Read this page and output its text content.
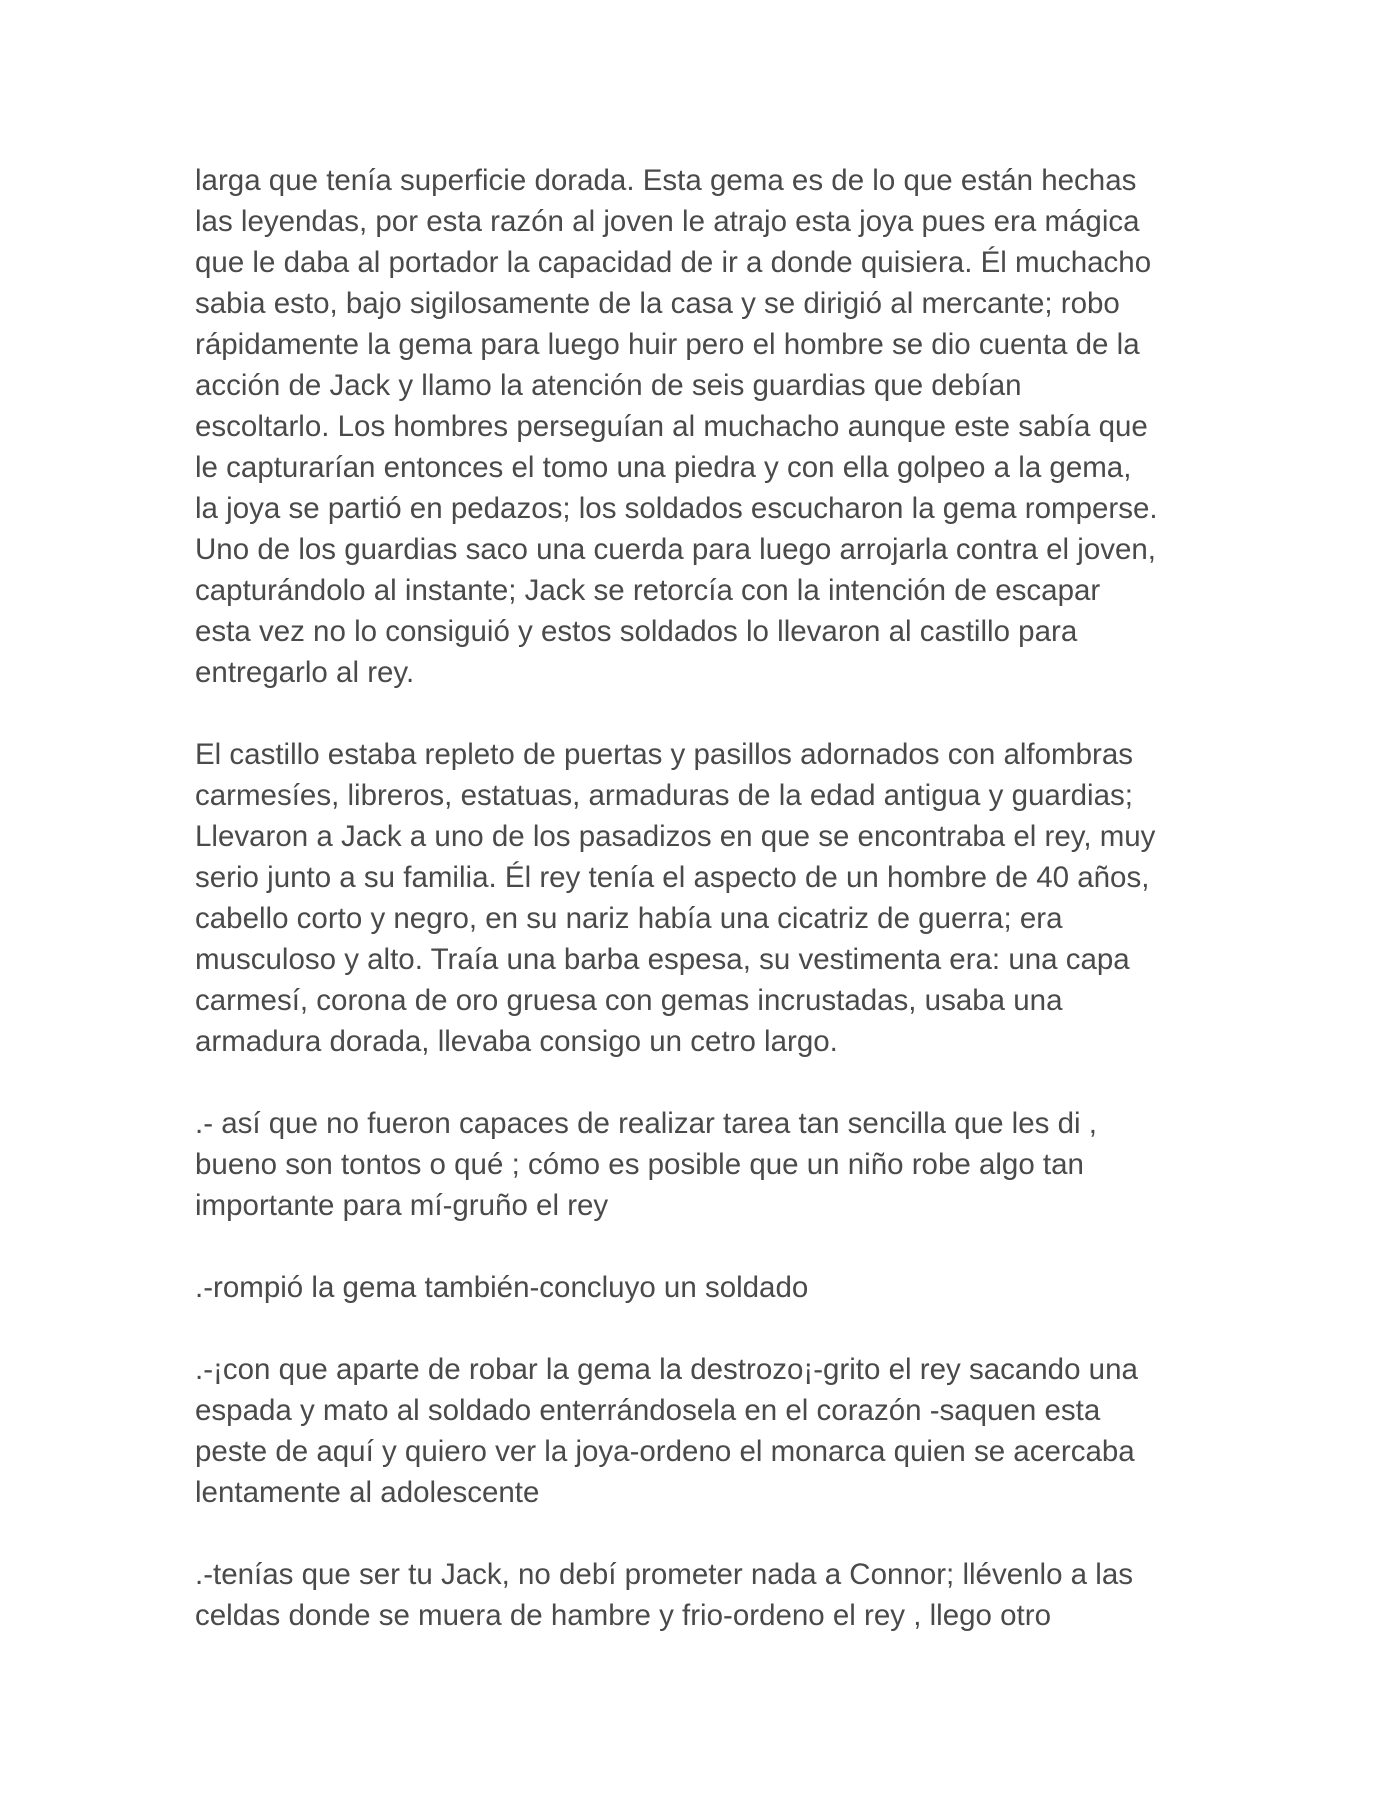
larga que tenía superficie dorada. Esta gema es de lo que están hechas
las leyendas, por esta razón al joven le atrajo esta joya pues era mágica
que le daba al portador la capacidad de ir a donde quisiera. Él muchacho
sabia esto, bajo sigilosamente de la casa y se dirigió al mercante; robo
rápidamente la gema para luego huir pero el hombre se dio cuenta de la
acción de Jack y llamo la atención de seis guardias que debían
escoltarlo. Los hombres perseguían al muchacho aunque este sabía que
le capturarían entonces el tomo una piedra y con ella golpeo a la gema,
la joya se partió en pedazos; los soldados escucharon la gema romperse.
Uno de los guardias saco una cuerda para luego arrojarla contra el joven,
capturándolo al instante; Jack se retorcía con la intención de escapar
esta vez no lo consiguió y estos soldados lo llevaron al castillo para
entregarlo al rey.

El castillo estaba repleto de puertas y pasillos adornados con alfombras
carmesíes, libreros, estatuas, armaduras de la edad antigua y guardias;
Llevaron a Jack a uno de los pasadizos en que se encontraba el rey, muy
serio junto a su familia. Él rey tenía el aspecto de un hombre de 40 años,
cabello corto y negro, en su nariz había una cicatriz de guerra; era
musculoso y alto. Traía una barba espesa, su vestimenta era: una capa
carmesí, corona de oro gruesa con gemas incrustadas, usaba una
armadura dorada, llevaba consigo un cetro largo.

.- así que no fueron capaces de realizar tarea tan sencilla que les di ,
bueno son tontos o qué ; cómo es posible que un niño robe algo tan
importante para mí-gruño el rey

.-rompió la gema también-concluyo un soldado

.-¡con que aparte de robar la gema la destrozo¡-grito el rey sacando una
espada y mato al soldado enterrándosela en el corazón -saquen esta
peste de aquí y quiero ver la joya-ordeno el monarca quien se acercaba
lentamente al adolescente

.-tenías que ser tu Jack, no debí prometer nada a Connor; llévenlo a las
celdas donde se muera de hambre y frio-ordeno el rey , llego otro
